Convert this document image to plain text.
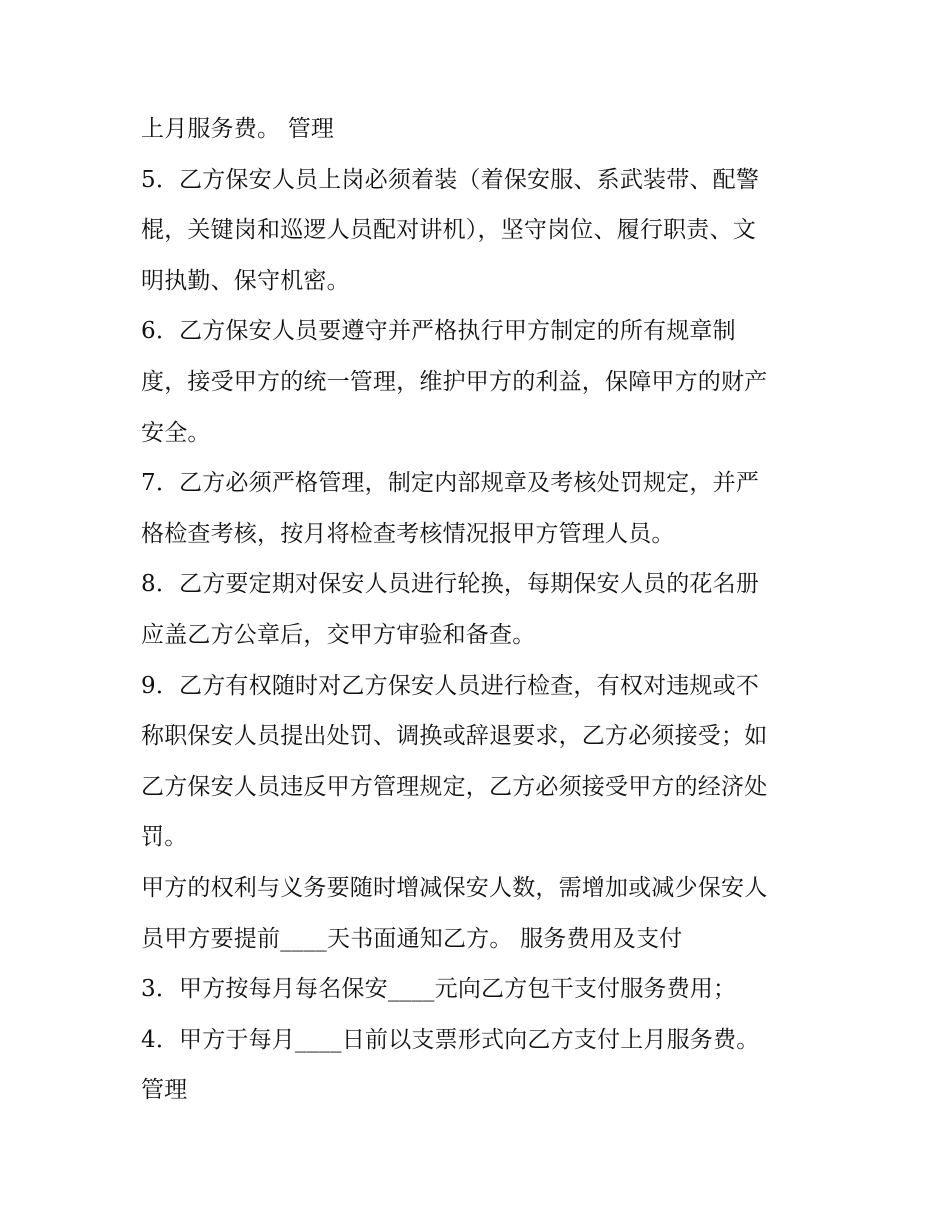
上月服务费。 管理

5．乙方保安人员上岗必须着装（着保安服、系武装带、配警

棍，关键岗和巡逻人员配对讲机），坚守岗位、履行职责、文

明执勤、保守机密。

6．乙方保安人员要遵守并严格执行甲方制定的所有规章制

度，接受甲方的统一管理，维护甲方的利益，保障甲方的财产

安全。

7．乙方必须严格管理，制定内部规章及考核处罚规定，并严

格检查考核，按月将检查考核情况报甲方管理人员。

8．乙方要定期对保安人员进行轮换，每期保安人员的花名册

应盖乙方公章后，交甲方审验和备查。

9．乙方有权随时对乙方保安人员进行检查，有权对违规或不

称职保安人员提出处罚、调换或辞退要求，乙方必须接受；如

乙方保安人员违反甲方管理规定，乙方必须接受甲方的经济处

罚。

甲方的权利与义务要随时增减保安人数，需增加或减少保安人

员甲方要提前____天书面通知乙方。 服务费用及支付

3．甲方按每月每名保安____元向乙方包干支付服务费用；

4．甲方于每月____日前以支票形式向乙方支付上月服务费。

管理
